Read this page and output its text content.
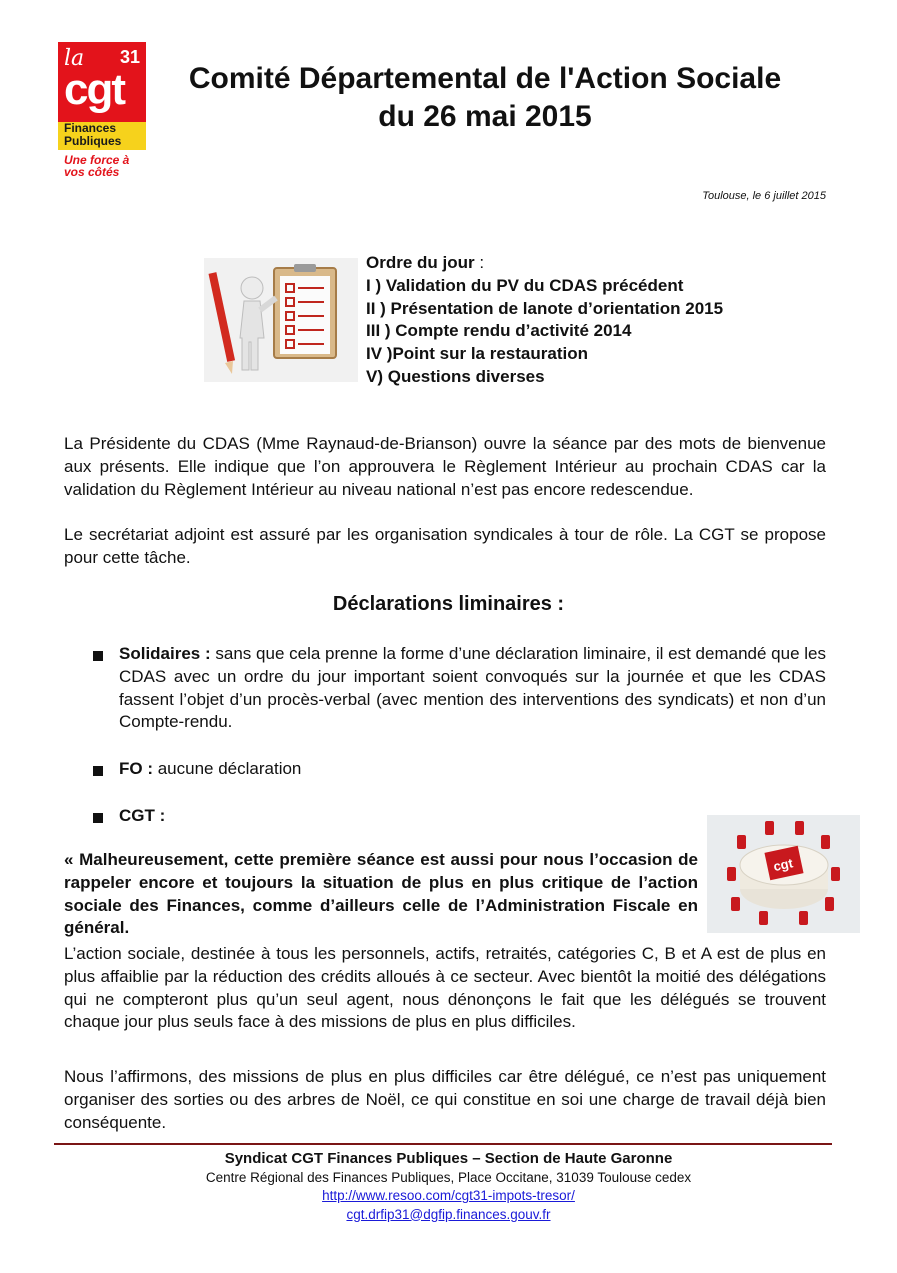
la 31
cgt
Finances
Publiques
Une force à vos côtés
Comité Départemental de l'Action Sociale
du 26 mai 2015
Toulouse, le 6 juillet 2015
Ordre du jour :
I ) Validation du PV du CDAS précédent
II ) Présentation de lanote d’orientation 2015
III ) Compte rendu d’activité 2014
IV )Point sur la restauration
V) Questions diverses
La Présidente du CDAS (Mme Raynaud-de-Brianson) ouvre la séance par des mots de bienvenue aux présents. Elle indique que l’on approuvera le Règlement Intérieur au prochain CDAS car la validation du Règlement Intérieur au niveau national n’est pas encore redescendue.
Le secrétariat adjoint est assuré par les organisation syndicales à tour de rôle. La CGT se propose pour cette tâche.
Déclarations liminaires :
Solidaires : sans que cela prenne la forme d’une déclaration liminaire, il est demandé que les CDAS avec un ordre du jour important soient convoqués sur la journée et que les CDAS fassent l’objet d’un procès-verbal (avec mention des interventions des syndicats) et non d’un Compte-rendu.
FO : aucune déclaration
CGT :
cgt
« Malheureusement, cette première séance est aussi pour nous l’occasion de rappeler encore et toujours la situation de plus en plus critique de l’action sociale des Finances, comme d’ailleurs celle de l’Administration Fiscale en général.
L’action sociale, destinée à tous les personnels, actifs, retraités, catégories C, B et A est de plus en plus affaiblie par la réduction des crédits alloués à ce secteur. Avec bientôt la moitié des délégations qui ne compteront plus qu’un seul agent, nous dénonçons le fait que les délégués se trouvent chaque jour plus seuls face à des missions de plus en plus difficiles.
Nous l’affirmons, des missions de plus en plus difficiles car être délégué, ce n’est pas uniquement organiser des sorties ou des arbres de Noël, ce qui constitue en soi une charge de travail déjà bien conséquente.
Syndicat CGT Finances Publiques – Section de Haute Garonne
Centre Régional des Finances Publiques, Place Occitane, 31039 Toulouse cedex
http://www.resoo.com/cgt31-impots-tresor/
cgt.drfip31@dgfip.finances.gouv.fr
